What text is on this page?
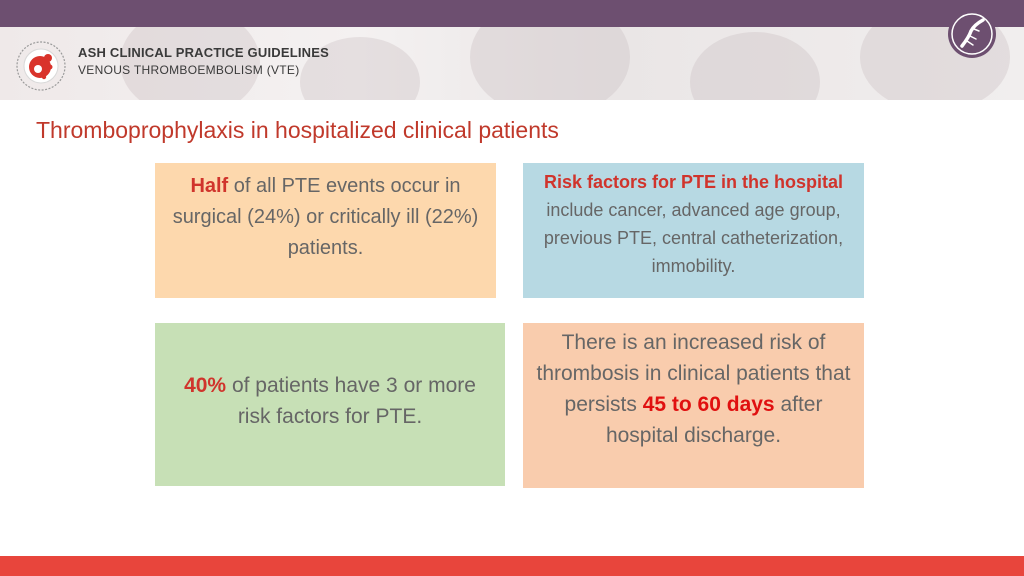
ASH CLINICAL PRACTICE GUIDELINES
VENOUS THROMBOEMBOLISM (VTE)
Thromboprophylaxis in hospitalized clinical patients

Half of all PTE events occur in surgical (24%) or critically ill (22%) patients.

Risk factors for PTE in the hospital include cancer, advanced age group, previous PTE, central catheterization, immobility.

40% of patients have 3 or more risk factors for PTE.

There is an increased risk of thrombosis in clinical patients that persists 45 to 60 days after hospital discharge.
